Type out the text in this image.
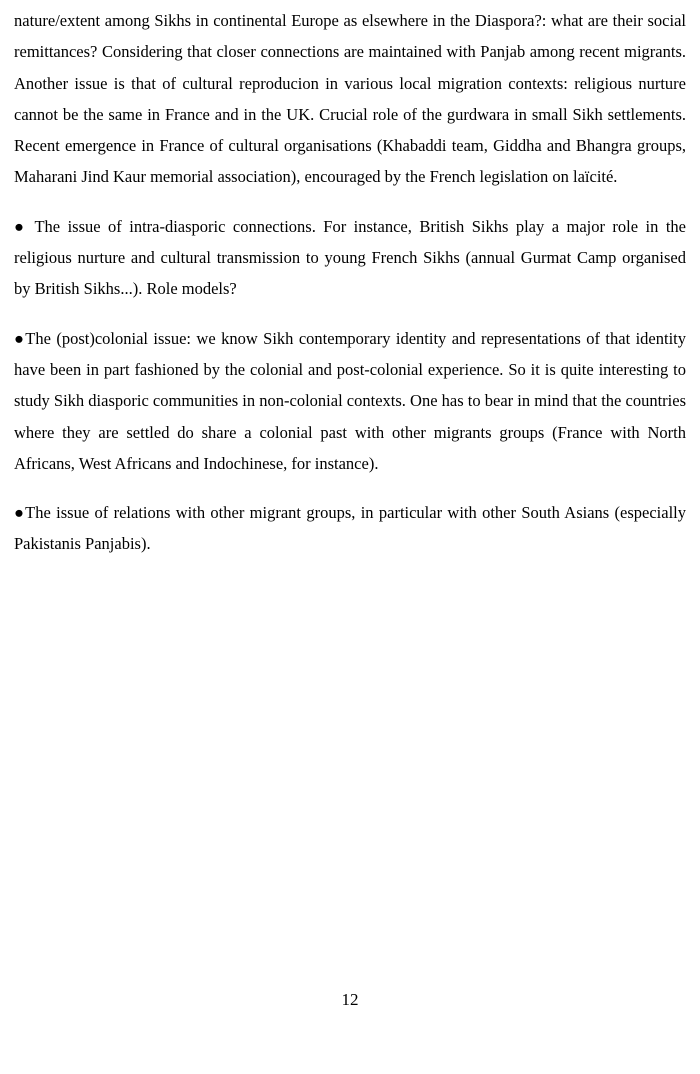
nature/extent among Sikhs in continental Europe as elsewhere in the Diaspora?: what are their social remittances? Considering that closer connections are maintained with Panjab among recent migrants. Another issue is that of cultural reproducion in various local migration contexts: religious nurture cannot be the same in France and in the UK. Crucial role of the gurdwara in small Sikh settlements. Recent emergence in France of cultural organisations (Khabaddi team, Giddha and Bhangra groups, Maharani Jind Kaur memorial association), encouraged by the French legislation on laïcité.

● The issue of intra-diasporic connections. For instance, British Sikhs play a major role in the religious nurture and cultural transmission to young French Sikhs (annual Gurmat Camp organised by British Sikhs...). Role models?

●The (post)colonial issue: we know Sikh contemporary identity and representations of that identity have been in part fashioned by the colonial and post-colonial experience. So it is quite interesting to study Sikh diasporic communities in non-colonial contexts. One has to bear in mind that the countries where they are settled do share a colonial past with other migrants groups (France with North Africans, West Africans and Indochinese, for instance).

●The issue of relations with other migrant groups, in particular with other South Asians (especially Pakistanis Panjabis).

12
